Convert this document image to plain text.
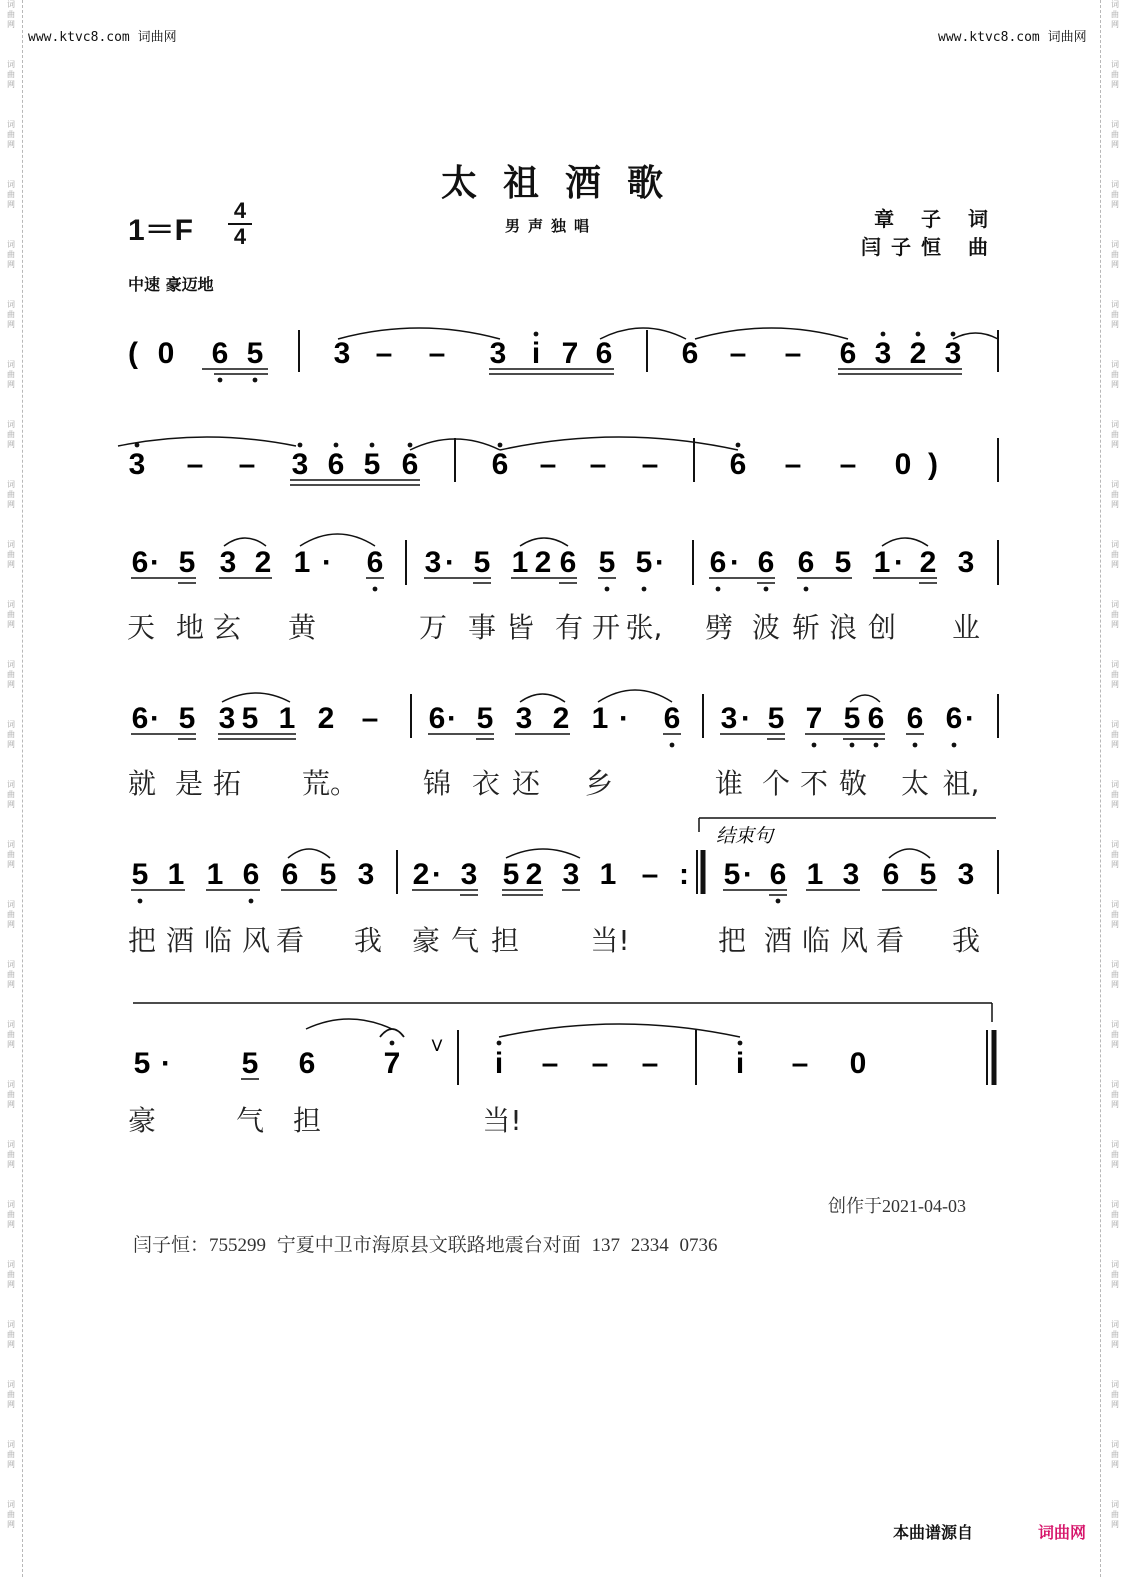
词
曲
网
词
曲
网
词
曲
网
词
曲
网
词
曲
网
词
曲
网
词
曲
网
词
曲
网
词
曲
网
词
曲
网
词
曲
网
词
曲
网
词
曲
网
词
曲
网
词
曲
网
词
曲
网
词
曲
网
词
曲
网
词
曲
网
词
曲
网
词
曲
网
词
曲
网
词
曲
网
词
曲
网
词
曲
网
词
曲
网
词
曲
网
词
曲
网
词
曲
网
词
曲
网
词
曲
网
词
曲
网
词
曲
网
词
曲
网
词
曲
网
词
曲
网
词
曲
网
词
曲
网
词
曲
网
词
曲
网
词
曲
网
词
曲
网
词
曲
网
词
曲
网
词
曲
网
词
曲
网
词
曲
网
词
曲
网
词
曲
网
词
曲
网
词
曲
网
词
曲
网
www.ktvc8.com 词曲网	www.ktvc8.com 词曲网
太祖酒歌
1＝F
4
4	男声独唱	章 子 词
闫子恒 曲
中速 豪迈地
( 0 6 5 3 – – 3 i 7 6 6 – – 6 3 2 3
3 – – 3 6 5 6 6 – – – 6 – – 0 )
6 · 5 3 2 1 · 6 3 · 5 1 2 6 5 5 · 6 · 6 6 5 1 · 2 3
天 地 玄 黄	万 事 皆 有 开 张, 劈 波 斩 浪 创 业
6 · 5 3 5 1 2 – 6 · 5 3 2 1 · 6 3 · 5 7 5 6 6 6 ·
就 是 拓 荒。 锦 衣 还 乡	谁 个 不 敬 太 祖,
结束句
5 1 1 6 6 5 3 2 · 3 5 2 3 1 – : 5 · 6 1 3 6 5 3
把 酒 临 风 看 我 豪 气 担	当!	把 酒 临 风 看 我
5 · 5 6 7
V
i – – –	i – 0
豪	气 担	当!
创作于2021-04-03
闫子恒：755299 宁夏中卫市海原县文联路地震台对面 137 2334 0736
本曲谱源自	词曲网
